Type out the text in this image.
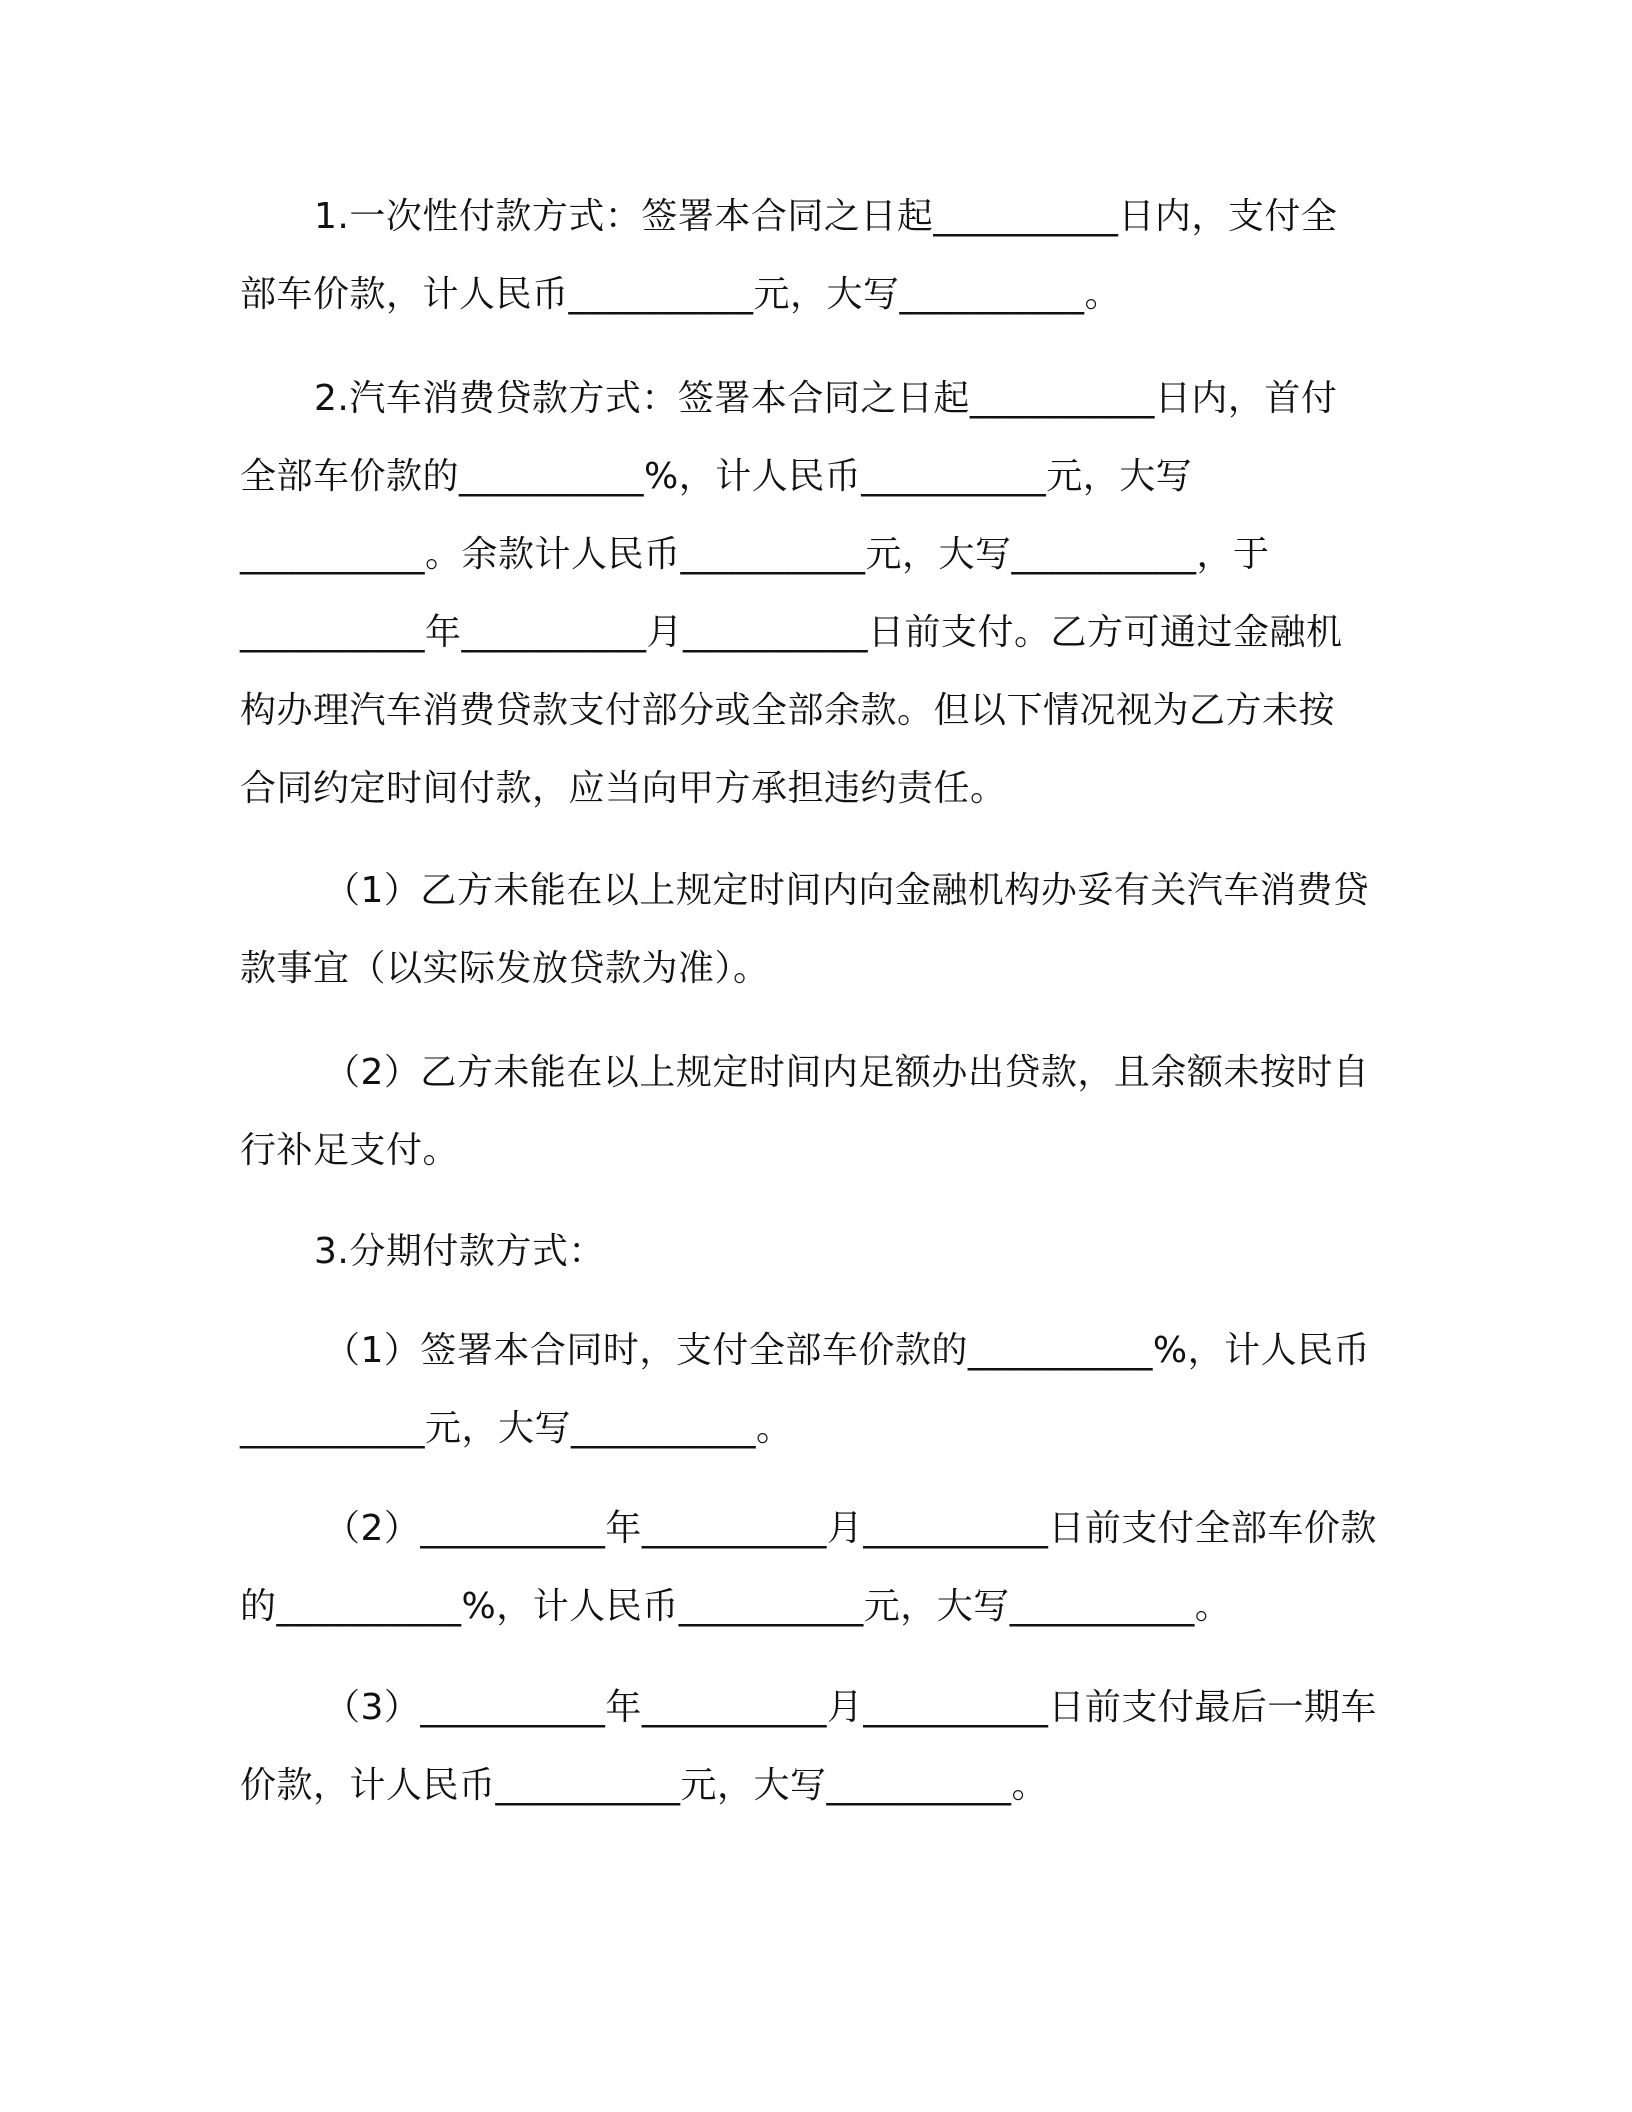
1.一次性付款方式：签署本合同之日起__________日内，支付全
部车价款，计人民币__________元，大写__________。

2.汽车消费贷款方式：签署本合同之日起__________日内，首付
全部车价款的__________%，计人民币__________元，大写
__________。余款计人民币__________元，大写__________，于
__________年__________月__________日前支付。乙方可通过金融机
构办理汽车消费贷款支付部分或全部余款。但以下情况视为乙方未按
合同约定时间付款，应当向甲方承担违约责任。

（1）乙方未能在以上规定时间内向金融机构办妥有关汽车消费贷
款事宜（以实际发放贷款为准）。

（2）乙方未能在以上规定时间内足额办出贷款，且余额未按时自
行补足支付。

3.分期付款方式：

（1）签署本合同时，支付全部车价款的__________%，计人民币
__________元，大写__________。

（2）__________年__________月__________日前支付全部车价款
的__________%，计人民币__________元，大写__________。

（3）__________年__________月__________日前支付最后一期车
价款，计人民币__________元，大写__________。
